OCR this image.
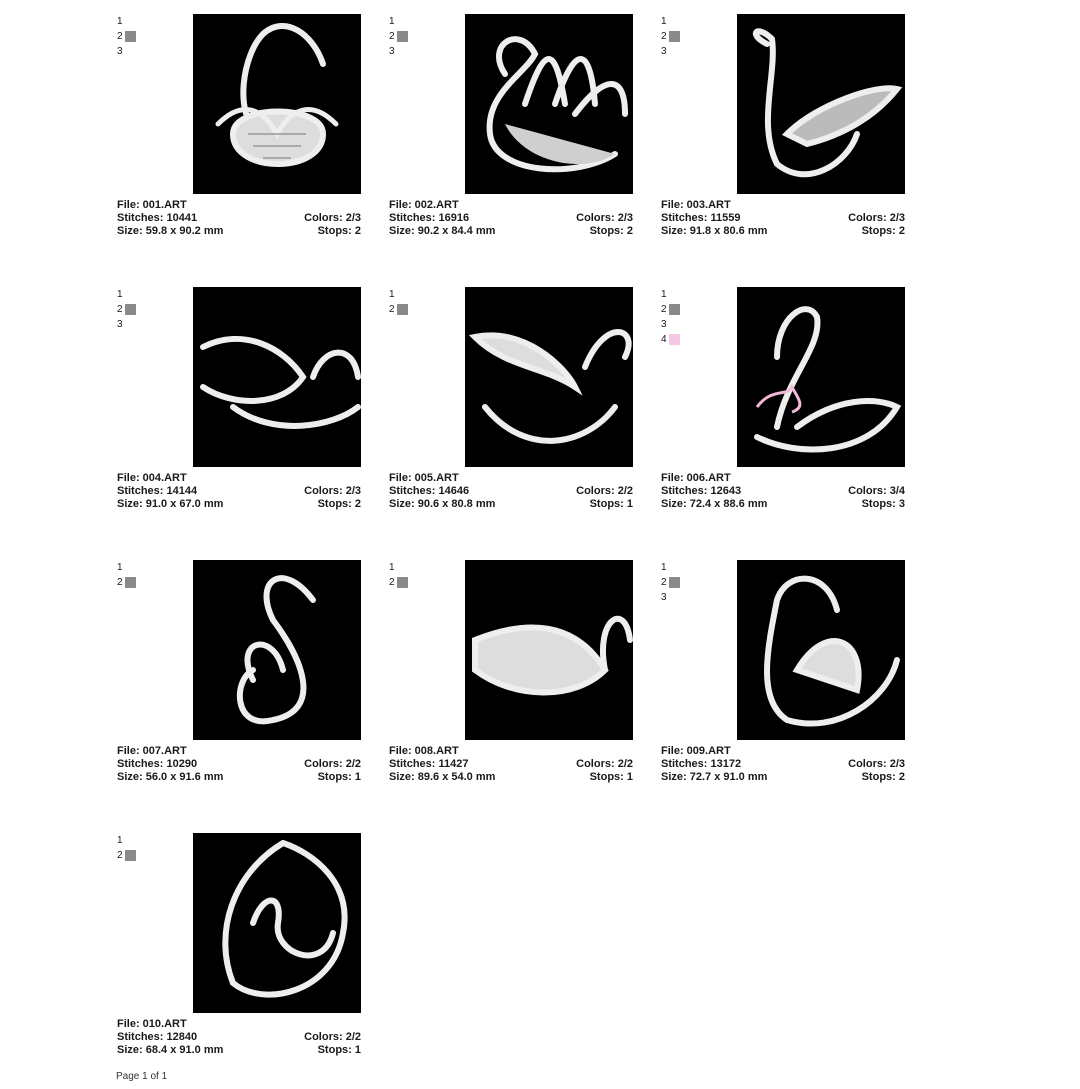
1
2
3
File: 001.ART
Stitches: 10441	Colors: 2/3
Size: 59.8 x 90.2 mm	Stops: 2
1
2
3
File: 002.ART
Stitches: 16916	Colors: 2/3
Size: 90.2 x 84.4 mm	Stops: 2
1
2
3
File: 003.ART
Stitches: 11559	Colors: 2/3
Size: 91.8 x 80.6 mm	Stops: 2
1
2
3
File: 004.ART
Stitches: 14144	Colors: 2/3
Size: 91.0 x 67.0 mm	Stops: 2
1
2
File: 005.ART
Stitches: 14646	Colors: 2/2
Size: 90.6 x 80.8 mm	Stops: 1
1
2
3
4
File: 006.ART
Stitches: 12643	Colors: 3/4
Size: 72.4 x 88.6 mm	Stops: 3
1
2
File: 007.ART
Stitches: 10290	Colors: 2/2
Size: 56.0 x 91.6 mm	Stops: 1
1
2
File: 008.ART
Stitches: 11427	Colors: 2/2
Size: 89.6 x 54.0 mm	Stops: 1
1
2
3
File: 009.ART
Stitches: 13172	Colors: 2/3
Size: 72.7 x 91.0 mm	Stops: 2
1
2
File: 010.ART
Stitches: 12840	Colors: 2/2
Size: 68.4 x 91.0 mm	Stops: 1
Page 1 of 1
